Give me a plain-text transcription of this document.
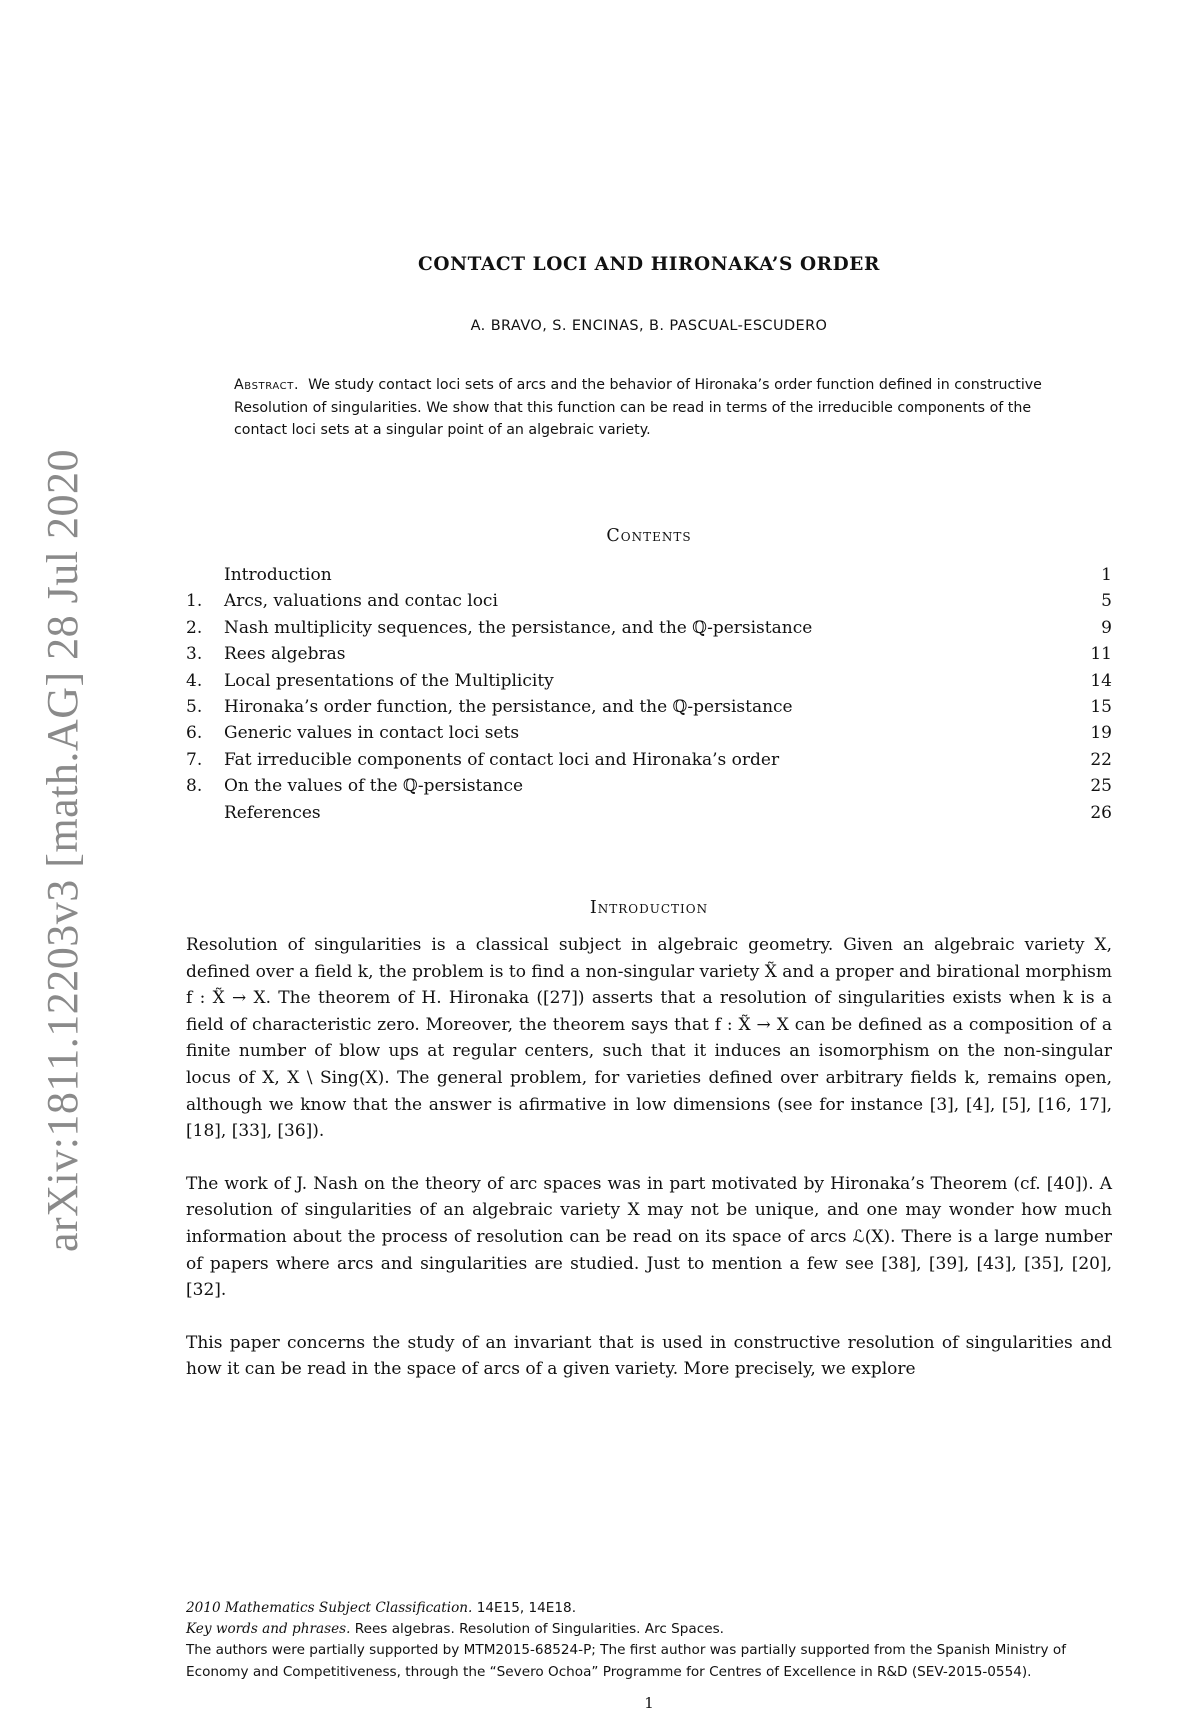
arXiv:1811.12203v3 [math.AG] 28 Jul 2020
CONTACT LOCI AND HIRONAKA’S ORDER
A. BRAVO, S. ENCINAS, B. PASCUAL-ESCUDERO
Abstract. We study contact loci sets of arcs and the behavior of Hironaka’s order function defined in constructive Resolution of singularities. We show that this function can be read in terms of the irreducible components of the contact loci sets at a singular point of an algebraic variety.
Contents
Introduction	1
1. Arcs, valuations and contac loci	5
2. Nash multiplicity sequences, the persistance, and the ℚ-persistance	9
3. Rees algebras	11
4. Local presentations of the Multiplicity	14
5. Hironaka’s order function, the persistance, and the ℚ-persistance	15
6. Generic values in contact loci sets	19
7. Fat irreducible components of contact loci and Hironaka’s order	22
8. On the values of the ℚ-persistance	25
References	26
Introduction

Resolution of singularities is a classical subject in algebraic geometry. Given an algebraic variety X, defined over a field k, the problem is to find a non-singular variety X̃ and a proper and birational morphism f : X̃ → X. The theorem of H. Hironaka ([27]) asserts that a resolution of singularities exists when k is a field of characteristic zero. Moreover, the theorem says that f : X̃ → X can be defined as a composition of a finite number of blow ups at regular centers, such that it induces an isomorphism on the non-singular locus of X, X \ Sing(X). The general problem, for varieties defined over arbitrary fields k, remains open, although we know that the answer is afirmative in low dimensions (see for instance [3], [4], [5], [16, 17], [18], [33], [36]).

The work of J. Nash on the theory of arc spaces was in part motivated by Hironaka’s Theorem (cf. [40]). A resolution of singularities of an algebraic variety X may not be unique, and one may wonder how much information about the process of resolution can be read on its space of arcs ℒ(X). There is a large number of papers where arcs and singularities are studied. Just to mention a few see [38], [39], [43], [35], [20], [32].

This paper concerns the study of an invariant that is used in constructive resolution of singularities and how it can be read in the space of arcs of a given variety. More precisely, we explore

2010 Mathematics Subject Classification. 14E15, 14E18.
Key words and phrases. Rees algebras. Resolution of Singularities. Arc Spaces.
The authors were partially supported by MTM2015-68524-P; The first author was partially supported from the Spanish Ministry of Economy and Competitiveness, through the “Severo Ochoa” Programme for Centres of Excellence in R&D (SEV-2015-0554).
1
